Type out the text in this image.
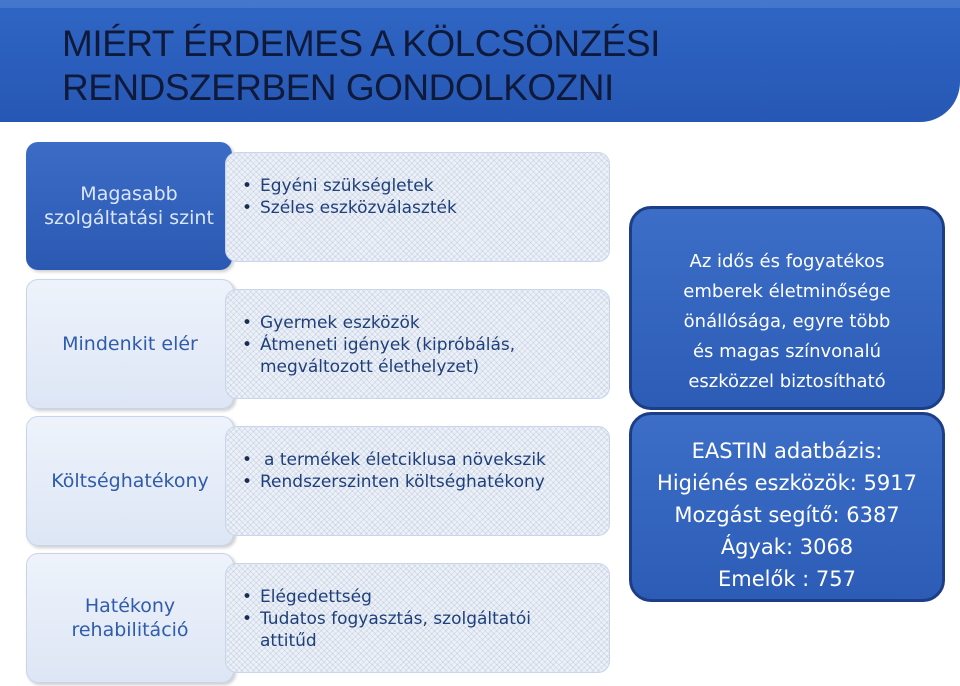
MIÉRT ÉRDEMES A KÖLCSÖNZÉSI
RENDSZERBEN GONDOLKOZNI
Magasabb
szolgáltatási szint
• Egyéni szükségletek
• Széles eszközválaszték
Mindenkit elér
• Gyermek eszközök
• Átmeneti igények (kipróbálás,
megváltozott élethelyzet)
Költséghatékony
• a termékek életciklusa növekszik
• Rendszerszinten költséghatékony
Hatékony
rehabilitáció
• Elégedettség
• Tudatos fogyasztás, szolgáltatói
attitűd
Az idős és fogyatékos
emberek életminősége
önállósága, egyre több
és magas színvonalú
eszközzel biztosítható
EASTIN adatbázis:
Higiénés eszközök: 5917
Mozgást segítő: 6387
Ágyak: 3068
Emelők : 757
